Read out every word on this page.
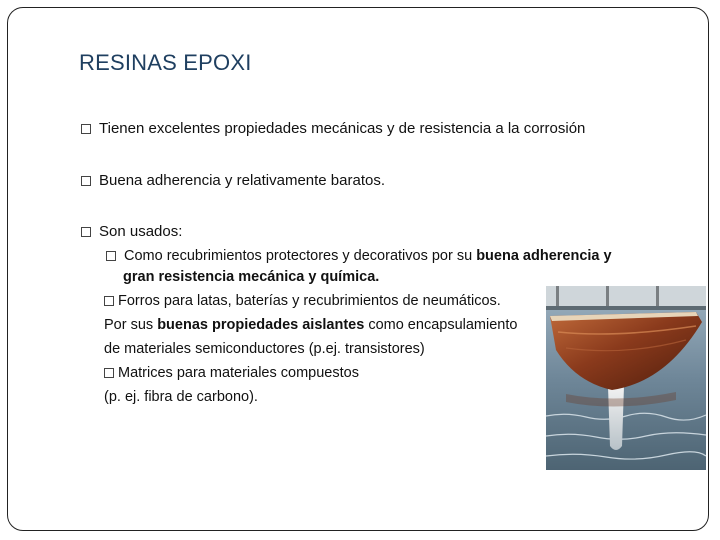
RESINAS EPOXI
Tienen excelentes propiedades mecánicas y de resistencia a la corrosión
Buena adherencia y relativamente baratos.
Son usados:
Como recubrimientos protectores y decorativos por su buena adherencia y
gran resistencia mecánica y química.
Forros para latas, baterías y recubrimientos de neumáticos.
Por sus buenas propiedades aislantes como encapsulamiento
de materiales semiconductores (p.ej. transistores)
Matrices para materiales compuestos
(p. ej. fibra de carbono).
